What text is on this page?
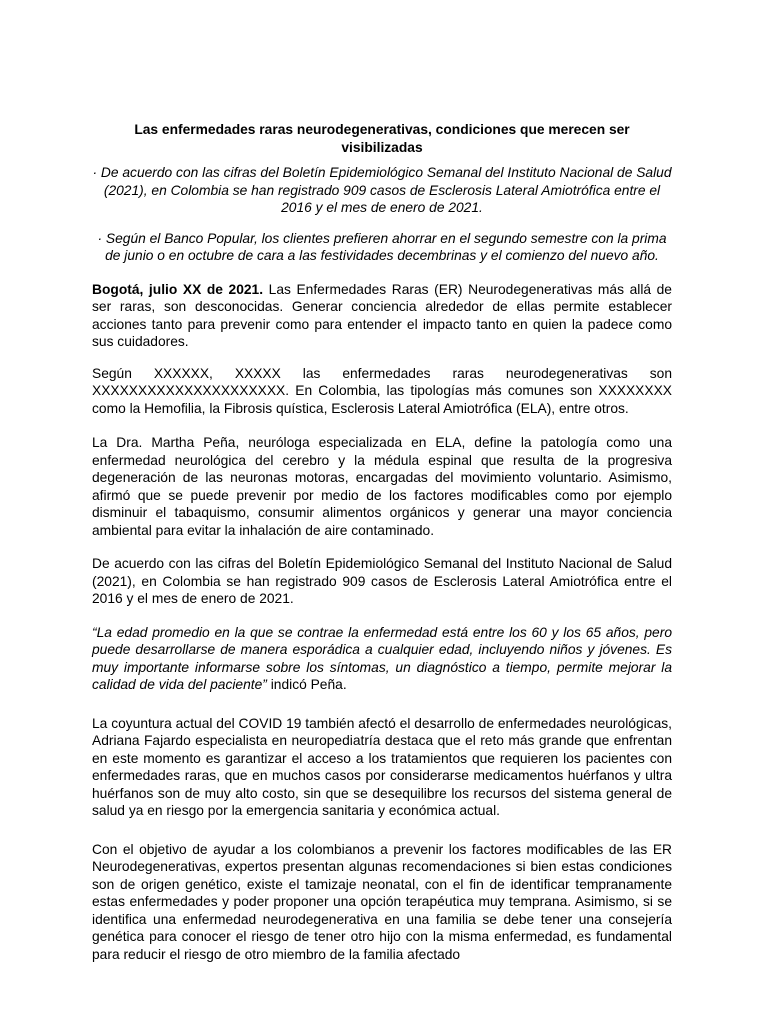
Las enfermedades raras neurodegenerativas, condiciones que merecen ser visibilizadas

· De acuerdo con las cifras del Boletín Epidemiológico Semanal del Instituto Nacional de Salud (2021), en Colombia se han registrado 909 casos de Esclerosis Lateral Amiotrófica entre el 2016 y el mes de enero de 2021.

· Según el Banco Popular, los clientes prefieren ahorrar en el segundo semestre con la prima de junio o en octubre de cara a las festividades decembrinas y el comienzo del nuevo año.

Bogotá, julio XX de 2021. Las Enfermedades Raras (ER) Neurodegenerativas más allá de ser raras, son desconocidas. Generar conciencia alrededor de ellas permite establecer acciones tanto para prevenir como para entender el impacto tanto en quien la padece como sus cuidadores.

Según XXXXXX, XXXXX las enfermedades raras neurodegenerativas son XXXXXXXXXXXXXXXXXXXXX. En Colombia, las tipologías más comunes son XXXXXXXX como la Hemofilia, la Fibrosis quística, Esclerosis Lateral Amiotrófica (ELA), entre otros.

La Dra. Martha Peña, neuróloga especializada en ELA, define la patología como una enfermedad neurológica del cerebro y la médula espinal que resulta de la progresiva degeneración de las neuronas motoras, encargadas del movimiento voluntario. Asimismo, afirmó que se puede prevenir por medio de los factores modificables como por ejemplo disminuir el tabaquismo, consumir alimentos orgánicos y generar una mayor conciencia ambiental para evitar la inhalación de aire contaminado.

De acuerdo con las cifras del Boletín Epidemiológico Semanal del Instituto Nacional de Salud (2021), en Colombia se han registrado 909 casos de Esclerosis Lateral Amiotrófica entre el 2016 y el mes de enero de 2021.

“La edad promedio en la que se contrae la enfermedad está entre los 60 y los 65 años, pero puede desarrollarse de manera esporádica a cualquier edad, incluyendo niños y jóvenes. Es muy importante informarse sobre los síntomas, un diagnóstico a tiempo, permite mejorar la calidad de vida del paciente” indicó Peña.

La coyuntura actual del COVID 19 también afectó el desarrollo de enfermedades neurológicas, Adriana Fajardo especialista en neuropediatría destaca que el reto más grande que enfrentan en este momento es garantizar el acceso a los tratamientos que requieren los pacientes con enfermedades raras, que en muchos casos por considerarse medicamentos huérfanos y ultra huérfanos son de muy alto costo, sin que se desequilibre los recursos del sistema general de salud ya en riesgo por la emergencia sanitaria y económica actual.

Con el objetivo de ayudar a los colombianos a prevenir los factores modificables de las ER Neurodegenerativas, expertos presentan algunas recomendaciones si bien estas condiciones son de origen genético, existe el tamizaje neonatal, con el fin de identificar tempranamente estas enfermedades y poder proponer una opción terapéutica muy temprana. Asimismo, si se identifica una enfermedad neurodegenerativa en una familia se debe tener una consejería genética para conocer el riesgo de tener otro hijo con la misma enfermedad, es fundamental para reducir el riesgo de otro miembro de la familia afectado
